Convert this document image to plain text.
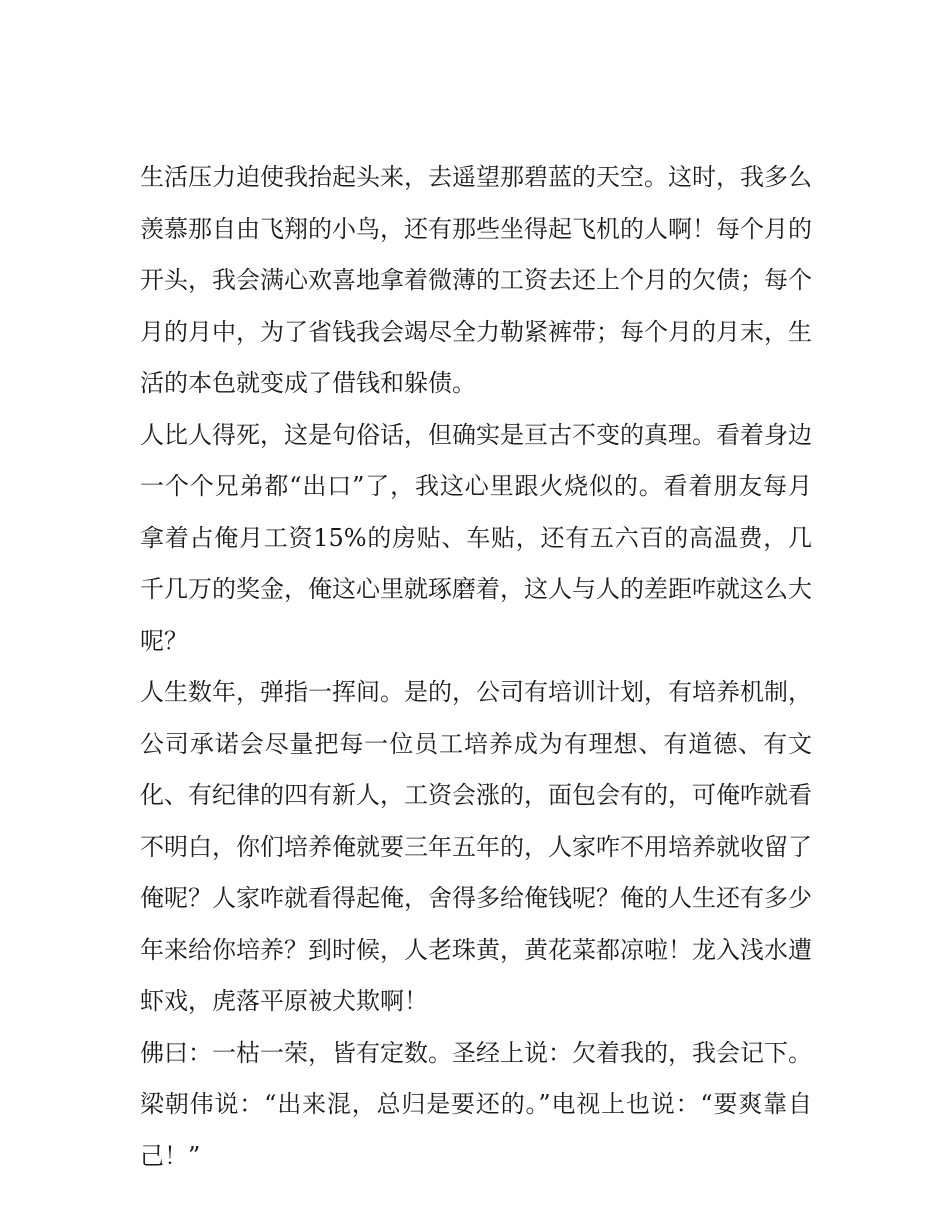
生活压力迫使我抬起头来，去遥望那碧蓝的天空。这时，我多么羡慕那自由飞翔的小鸟，还有那些坐得起飞机的人啊！每个月的开头，我会满心欢喜地拿着微薄的工资去还上个月的欠债；每个月的月中，为了省钱我会竭尽全力勒紧裤带；每个月的月末，生活的本色就变成了借钱和躲债。

人比人得死，这是句俗话，但确实是亘古不变的真理。看着身边一个个兄弟都“出口”了，我这心里跟火烧似的。看着朋友每月拿着占俺月工资15%的房贴、车贴，还有五六百的高温费，几千几万的奖金，俺这心里就琢磨着，这人与人的差距咋就这么大呢？

人生数年，弹指一挥间。是的，公司有培训计划，有培养机制，公司承诺会尽量把每一位员工培养成为有理想、有道德、有文化、有纪律的四有新人，工资会涨的，面包会有的，可俺咋就看不明白，你们培养俺就要三年五年的，人家咋不用培养就收留了俺呢？人家咋就看得起俺，舍得多给俺钱呢？俺的人生还有多少年来给你培养？到时候，人老珠黄，黄花菜都凉啦！龙入浅水遭虾戏，虎落平原被犬欺啊！

佛曰：一枯一荣，皆有定数。圣经上说：欠着我的，我会记下。梁朝伟说：“出来混，总归是要还的。”电视上也说：“要爽靠自己！”
